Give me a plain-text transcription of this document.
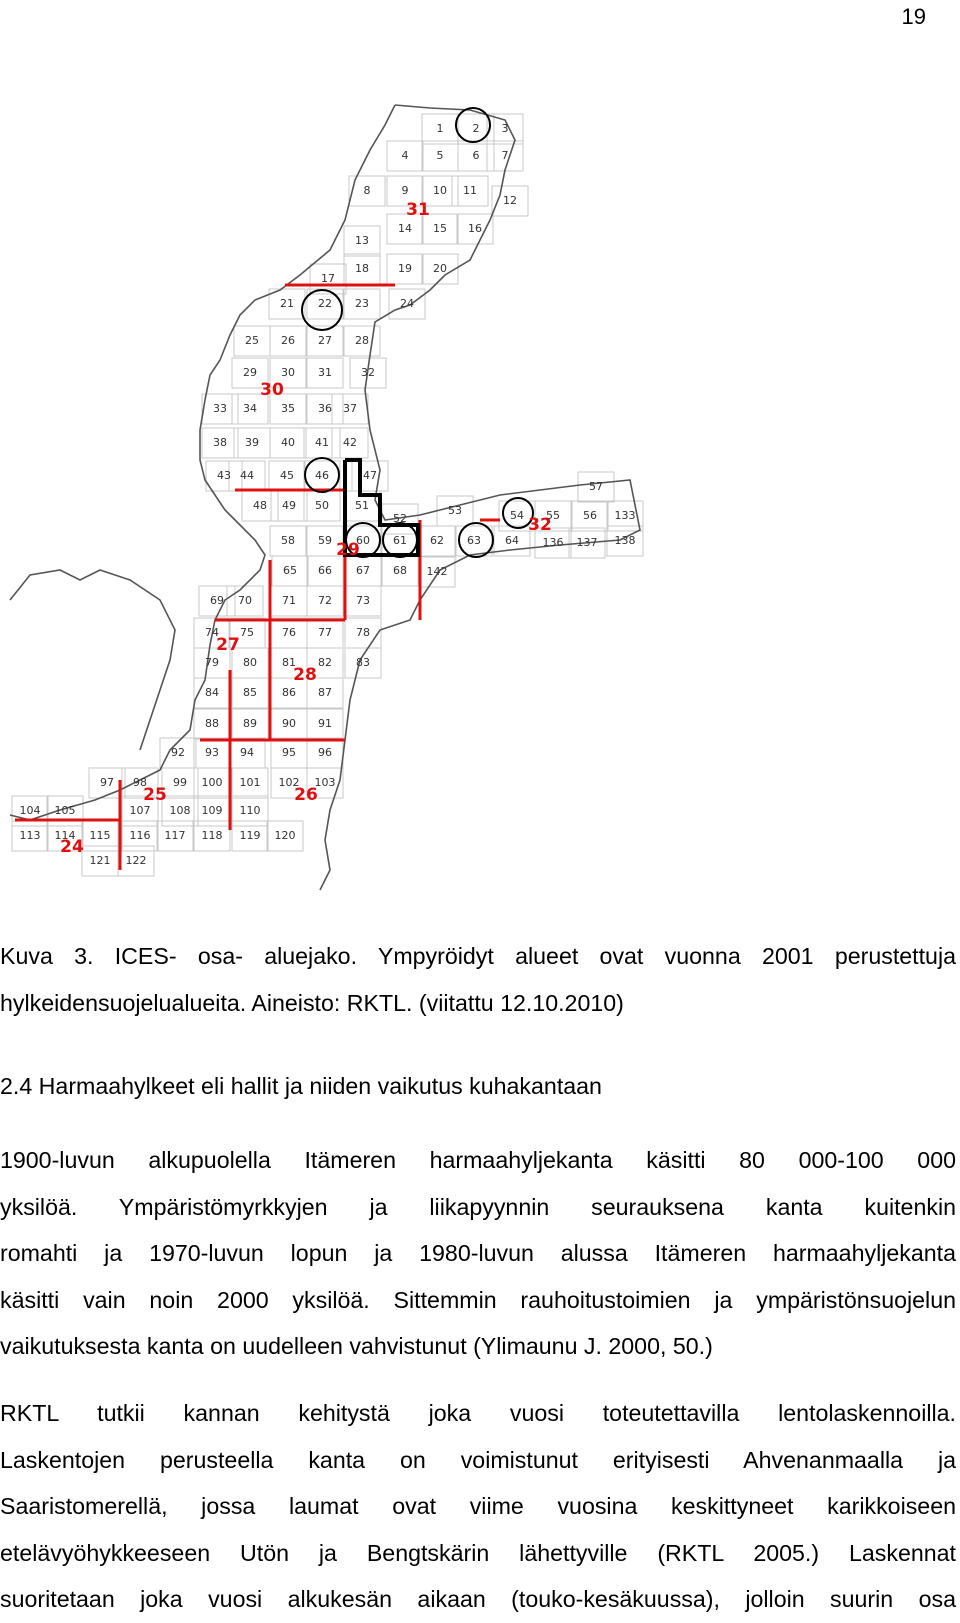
19
31
30
29
32
27
28
25	26
24
1	2 3
4	5	6 7
8	9 10 11
12
13
14 15 16
17
18	19 20
21 22 23	24
25 26 27 28
29 30 31	32
33 34 35 36 37
38 39 40 41 42
43 44 45 46	47
48 49 50 51
52
53	54 55 56
57
58 59 60 61 62 63 64
65 66 67 68
69 70	71 72 73
74 75	76 77 78
79 80 81 82 83
84 85 86 87
88 89 90 91
92 93 94	95 96
97 98 99 100 101 102 103
104 105	107 108 109 110
113 114 115 116 117 118 119 120
121 122
133
136 137 138
142
Kuva 3. ICES- osa- aluejako. Ympyröidyt alueet ovat vuonna 2001 perustettuja
hylkeidensuojelualueita. Aineisto: RKTL. (viitattu 12.10.2010)
2.4 Harmaahylkeet eli hallit ja niiden vaikutus kuhakantaan
1900-luvun alkupuolella Itämeren harmaahyljekanta käsitti 80 000-100 000
yksilöä. Ympäristömyrkkyjen ja liikapyynnin seurauksena kanta kuitenkin
romahti ja 1970-luvun lopun ja 1980-luvun alussa Itämeren harmaahyljekanta
käsitti vain noin 2000 yksilöä. Sittemmin rauhoitustoimien ja ympäristönsuojelun
vaikutuksesta kanta on uudelleen vahvistunut (Ylimaunu J. 2000, 50.)
RKTL tutkii kannan kehitystä joka vuosi toteutettavilla lentolaskennoilla.
Laskentojen perusteella kanta on voimistunut erityisesti Ahvenanmaalla ja
Saaristomerellä, jossa laumat ovat viime vuosina keskittyneet karikkoiseen
etelävyöhykkeeseen Utön ja Bengtskärin lähettyville (RKTL 2005.) Laskennat
suoritetaan joka vuosi alkukesän aikaan (touko-kesäkuussa), jolloin suurin osa
